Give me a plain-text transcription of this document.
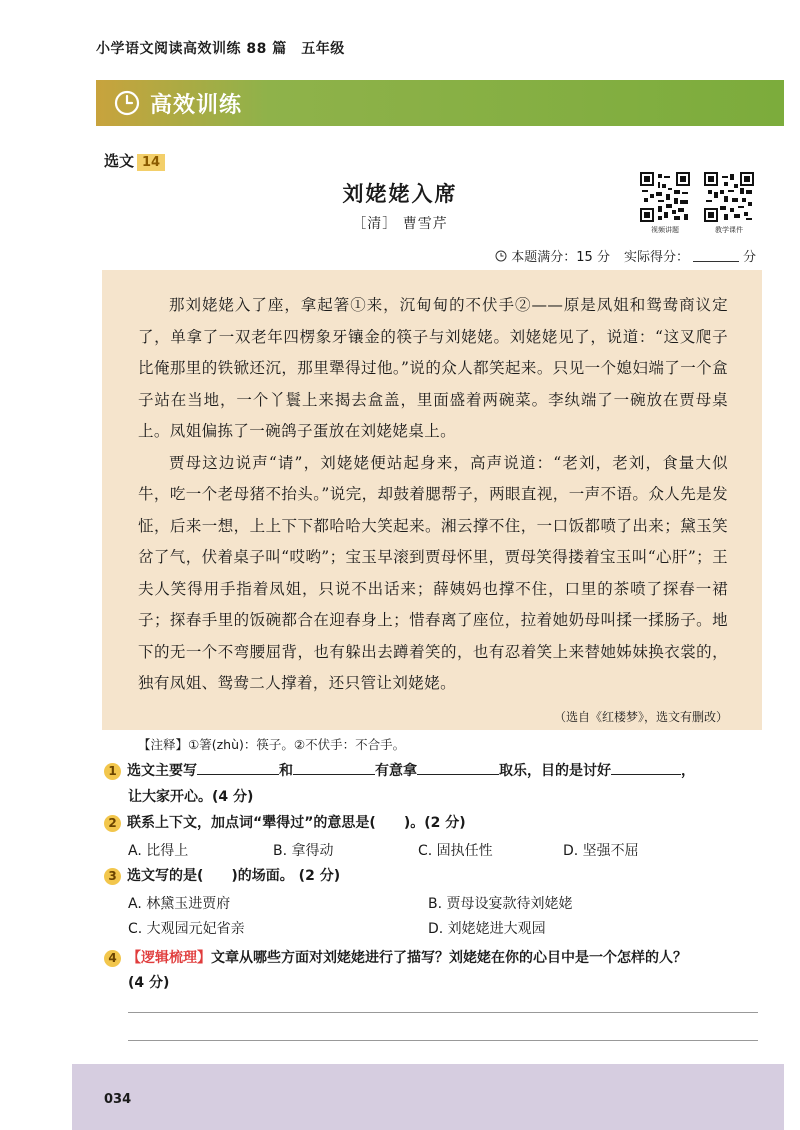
小学语文阅读高效训练 88 篇　五年级
高效训练
选文 14
刘姥姥入席
［清］ 曹雪芹	视频讲题	教学课件
本题满分：15 分 实际得分：	分

那刘姥姥入了座，拿起箸①来，沉甸甸的不伏手②——原是凤姐和鸳鸯商议定了，单拿了一双老年四楞象牙镶金的筷子与刘姥姥。刘姥姥见了，说道：“这叉爬子比俺那里的铁锨还沉，那里犟得过他。”说的众人都笑起来。只见一个媳妇端了一个盒子站在当地，一个丫鬟上来揭去盒盖，里面盛着两碗菜。李纨端了一碗放在贾母桌上。凤姐偏拣了一碗鸽子蛋放在刘姥姥桌上。

贾母这边说声“请”，刘姥姥便站起身来，高声说道：“老刘，老刘，食量大似牛，吃一个老母猪不抬头。”说完，却鼓着腮帮子，两眼直视，一声不语。众人先是发怔，后来一想，上上下下都哈哈大笑起来。湘云撑不住，一口饭都喷了出来；黛玉笑岔了气，伏着桌子叫“哎哟”；宝玉早滚到贾母怀里，贾母笑得搂着宝玉叫“心肝”；王夫人笑得用手指着凤姐，只说不出话来；薛姨妈也撑不住，口里的茶喷了探春一裙子；探春手里的饭碗都合在迎春身上；惜春离了座位，拉着她奶母叫揉一揉肠子。地下的无一个不弯腰屈背，也有躲出去蹲着笑的，也有忍着笑上来替她姊妹换衣裳的，独有凤姐、鸳鸯二人撑着，还只管让刘姥姥。

（选自《红楼梦》，选文有删改）
【注释】①箸(zhù)：筷子。②不伏手：不合手。
1 选文主要写	和	有意拿	取乐，目的是讨好	，
让大家开心。(4 分)
2 联系上下文，加点词“犟得过”的意思是( )。(2 分)
A. 比得上	B. 拿得动	C. 固执任性	D. 坚强不屈
3 选文写的是( )的场面。 (2 分)
A. 林黛玉进贾府	B. 贾母设宴款待刘姥姥
C. 大观园元妃省亲	D. 刘姥姥进大观园
4 【逻辑梳理】文章从哪些方面对刘姥姥进行了描写？刘姥姥在你的心目中是一个怎样的人？
(4 分)
034
